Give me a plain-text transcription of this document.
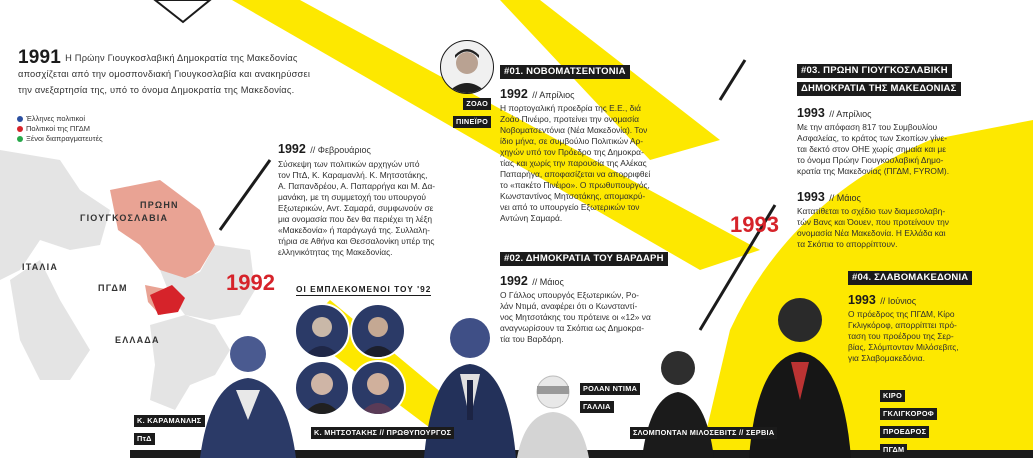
ΠΡΩΗΝ
ΓΙΟΥΓΚΟΣΛΑΒΙΑ
ΙΤΑΛΙΑ
ΠΓΔΜ
ΕΛΛΑΔΑ
1991 Η Πρώην Γιουγκοσλαβική Δημοκρατία της Μακεδονίας
αποσχίζεται από την ομοσπονδιακή Γιουγκοσλαβία και ανακηρύσσει
την ανεξαρτησία της, υπό το όνομα Δημοκρατία της Μακεδονίας.
Έλληνες πολιτικοί
Πολιτικοί της ΠΓΔΜ
Ξένοι διαπραγματευτές
1992 // Φεβρουάριος
Σύσκεψη των πολιτικών αρχηγών υπό
τον ΠτΔ, Κ. Καραμανλή. Κ. Μητσοτάκης,
Α. Παπανδρέου, Α. Παπαρρήγα και Μ. Δα-
μανάκη, με τη συμμετοχή του υπουργού
Εξωτερικών, Αντ. Σαμαρά, συμφωνούν σε
μια ονομασία που δεν θα περιέχει τη λέξη
«Μακεδονία» ή παράγωγά της. Συλλαλη-
τήρια σε Αθήνα και Θεσσαλονίκη υπέρ της
ελληνικότητας της Μακεδονίας.
1992
1993
ΟΙ ΕΜΠΛΕΚΟΜΕΝΟΙ ΤΟΥ '92
ΖΟΑΟ
ΠΙΝΕΪΡΟ
#01. ΝΟΒΟΜΑΤΣΕΝΤΟΝΙΑ
1992 // Απρίλιος
Η πορτογαλική προεδρία της Ε.Ε., διά
Ζοάο Πινέιρο, προτείνει την ονομασία
Νοβοματσεντόνια (Νέα Μακεδονία). Τον
ίδιο μήνα, σε συμβούλιο Πολιτικών Αρ-
χηγών υπό τον Πρόεδρο της Δημοκρα-
τίας και χωρίς την παρουσία της Αλέκας
Παπαρήγα, αποφασίζεται να απορριφθεί
το «πακέτο Πινέιρο». Ο πρωθυπουργός,
Κωνσταντίνος Μητσοτάκης, απομακρύ-
νει από το υπουργείο Εξωτερικών τον
Αντώνη Σαμαρά.
#02. ΔΗΜΟΚΡΑΤΙΑ ΤΟΥ ΒΑΡΔΑΡΗ
1992 // Μάιος
Ο Γάλλος υπουργός Εξωτερικών, Ρο-
λάν Ντιμά, αναφέρει ότι ο Κωνσταντί-
νος Μητσοτάκης του πρότεινε οι «12» να
αναγνωρίσουν τα Σκόπια ως Δημοκρα-
τία του Βαρδάρη.
#03. ΠΡΩΗΝ ΓΙΟΥΓΚΟΣΛΑΒΙΚΗ
ΔΗΜΟΚΡΑΤΙΑ ΤΗΣ ΜΑΚΕΔΟΝΙΑΣ
1993 // Απρίλιος
Με την απόφαση 817 του Συμβουλίου
Ασφαλείας, το κράτος των Σκοπίων γίνε-
ται δεκτό στον ΟΗΕ χωρίς σημαία και με
το όνομα Πρώην Γιουγκοσλαβική Δημο-
κρατία της Μακεδονίας (ΠΓΔΜ, FYROM).
1993 // Μάιος
Κατατίθεται το σχέδιο των διαμεσολαβη-
τών Βανς και Όουεν, που προτείνουν την
ονομασία Νέα Μακεδονία. Η Ελλάδα και
τα Σκόπια το απορρίπτουν.
#04. ΣΛΑΒΟΜΑΚΕΔΟΝΙΑ
1993 // Ιούνιος
Ο πρόεδρος της ΠΓΔΜ, Κίρο
Γκλιγκόροφ, απορρίπτει πρό-
ταση του προέδρου της Σερ-
βίας, Σλόμπονταν Μιλόσεβιτς,
για Σλαβομακεδόνια.
Κ. ΚΑΡΑΜΑΝΛΗΣ
ΠτΔ
Κ. ΜΗΤΣΟΤΑΚΗΣ // ΠΡΩΘΥΠΟΥΡΓΟΣ
ΡΟΛΑΝ ΝΤΙΜΑ
ΓΑΛΛΙΑ
ΣΛΟΜΠΟΝΤΑΝ ΜΙΛΟΣΕΒΙΤΣ // ΣΕΡΒΙΑ
ΚΙΡΟ
ΓΚΛΙΓΚΟΡΟΦ
ΠΡΟΕΔΡΟΣ
ΠΓΔΜ
